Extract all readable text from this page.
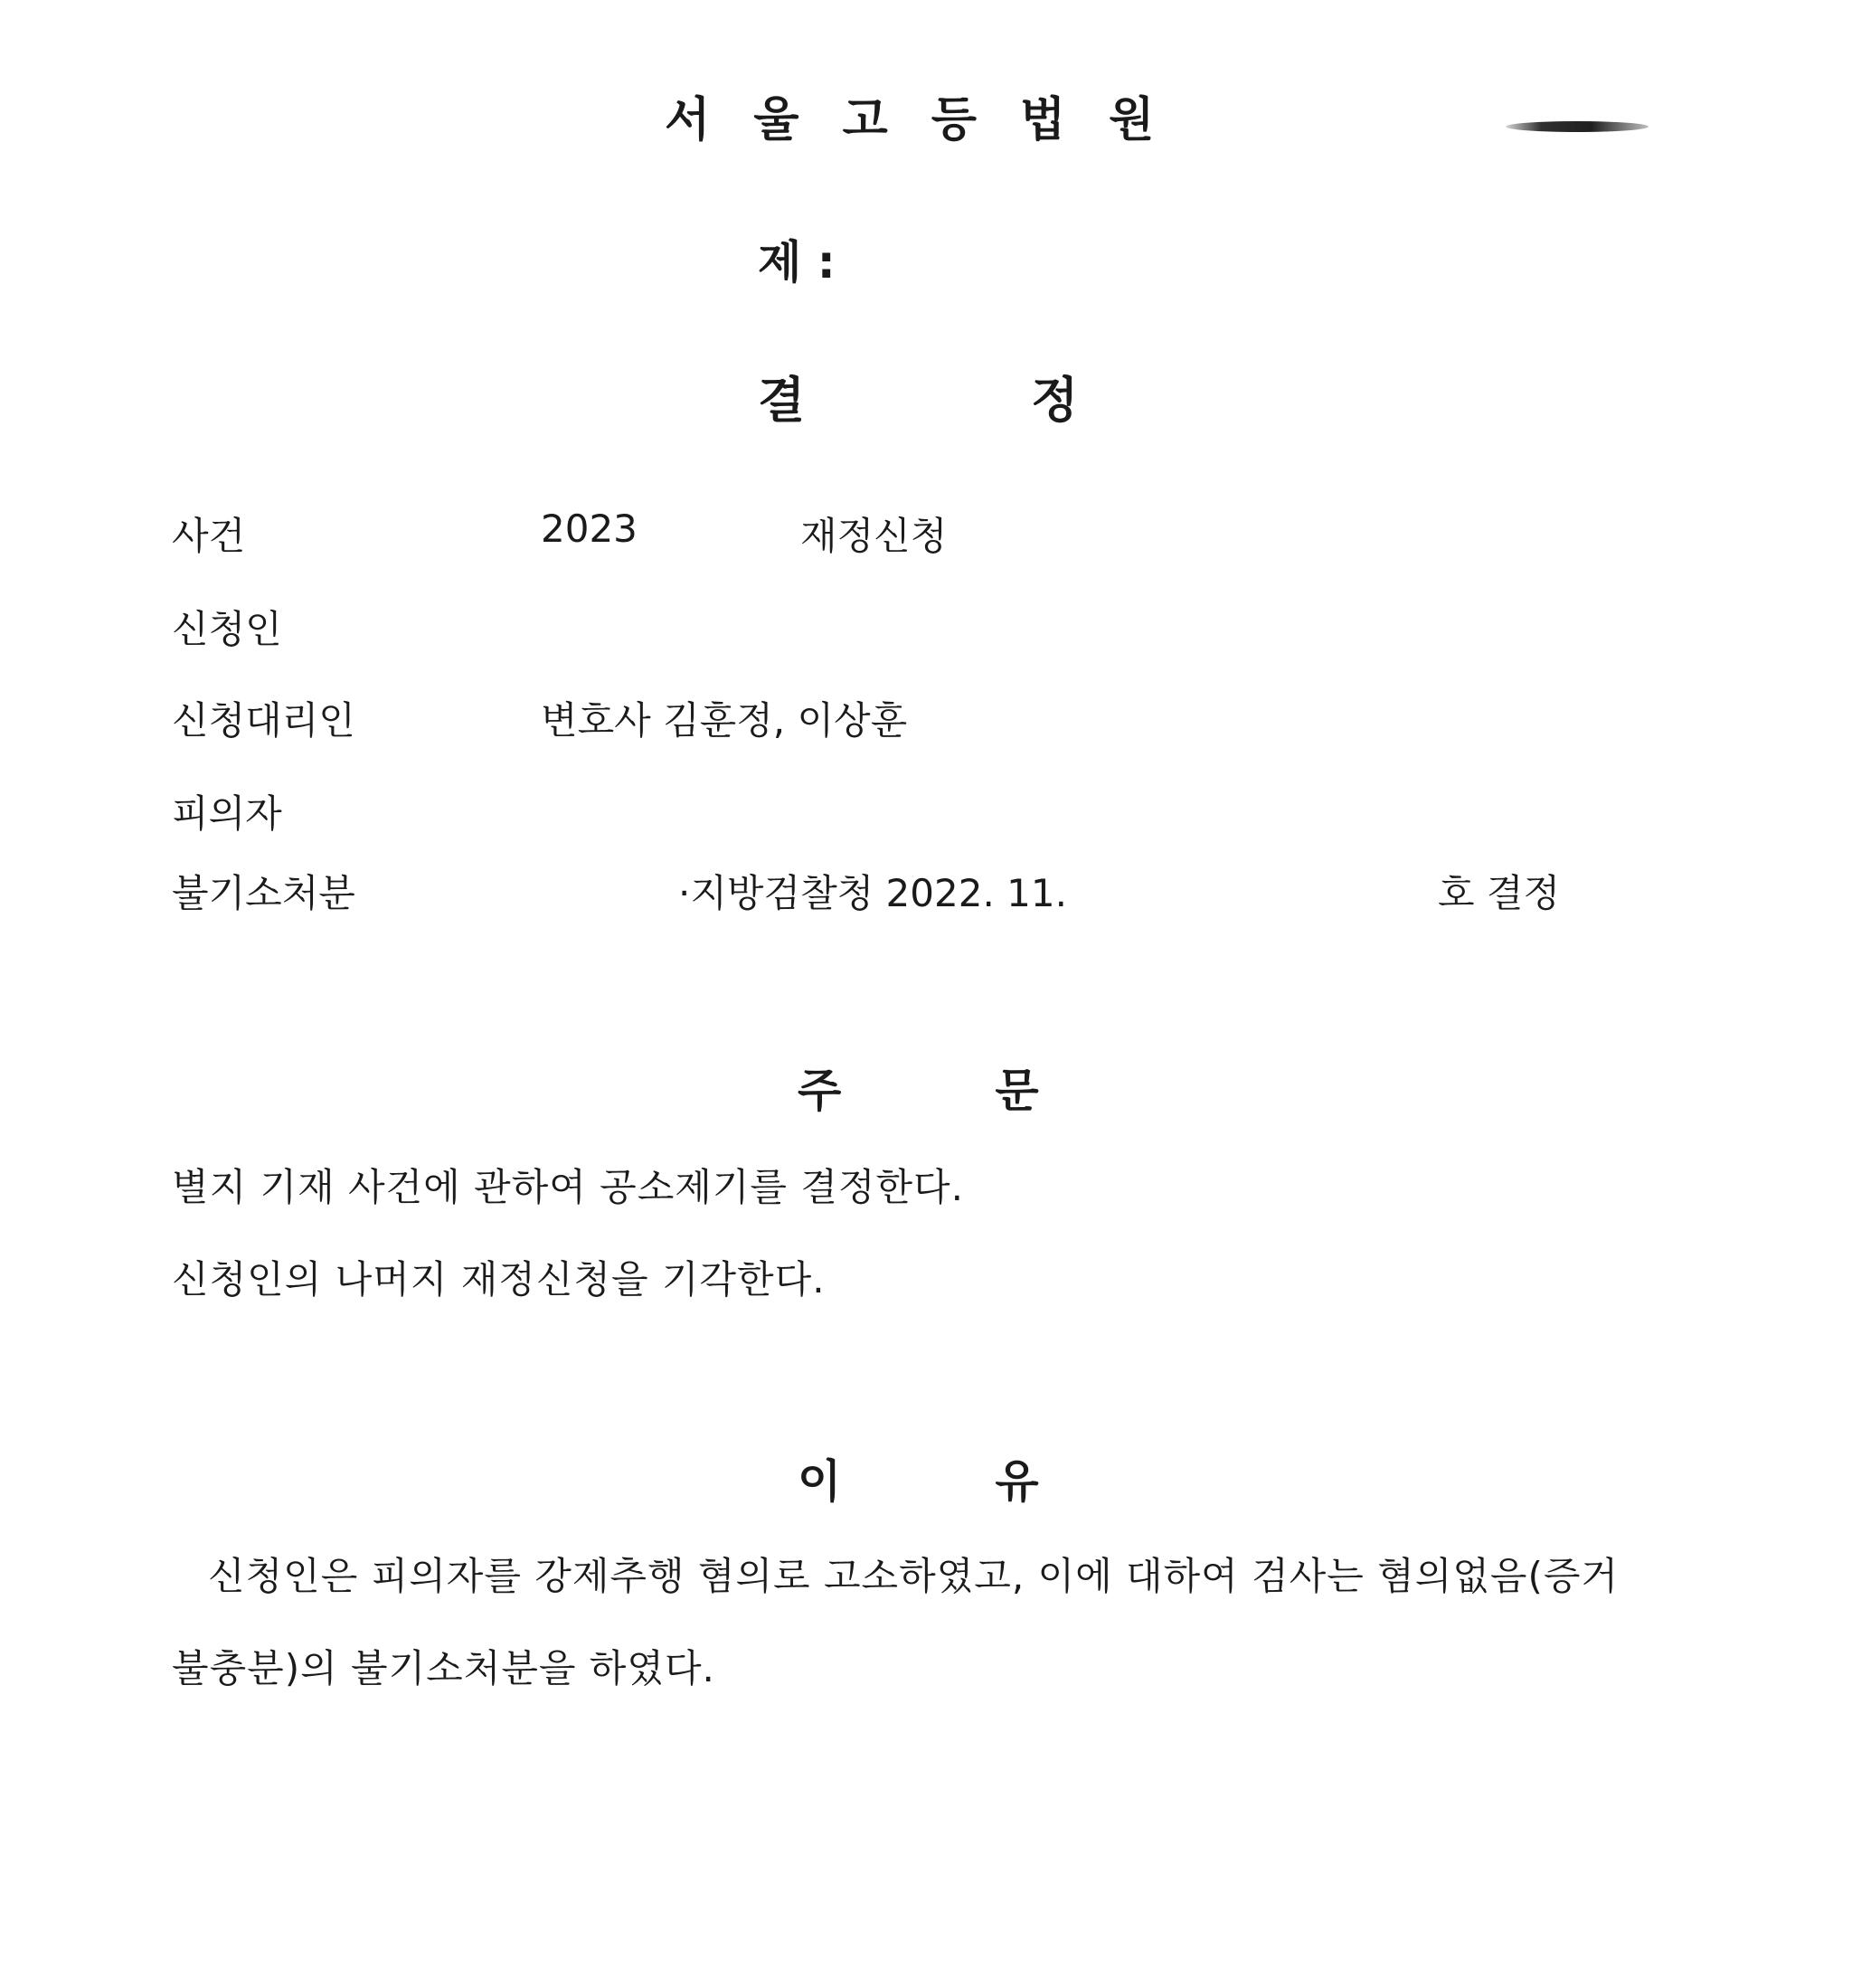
서울고등법원
제 :
결	정
사건	2023	재정신청
신청인
신청대리인	변호사 김훈정, 이상훈
피의자
불기소처분	·지방검찰청 2022. 11.	호 결정
주	문
별지 기재 사건에 관하여 공소제기를 결정한다.
신청인의 나머지 재정신청을 기각한다.
이	유
신청인은 피의자를 강제추행 혐의로 고소하였고, 이에 대하여 검사는 혐의없음(증거
불충분)의 불기소처분을 하였다.
